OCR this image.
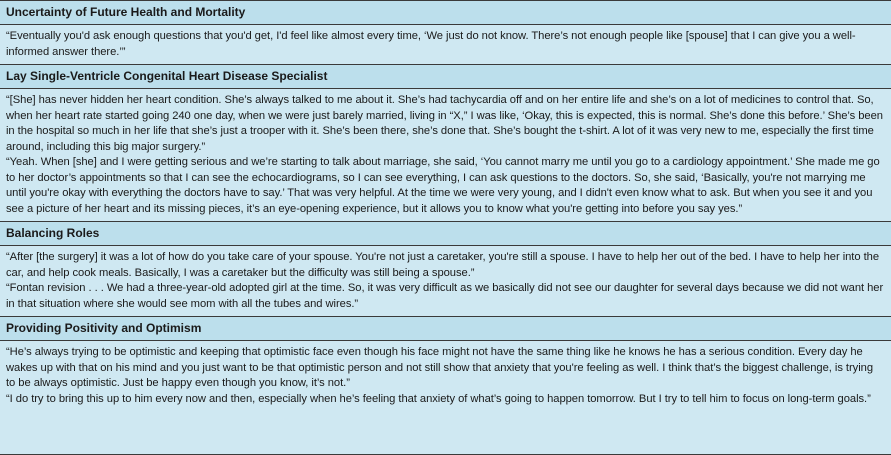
Uncertainty of Future Health and Mortality

“Eventually you'd ask enough questions that you'd get, I'd feel like almost every time, ‘We just do not know. There’s not enough people like [spouse] that I can give you a well-informed answer there.’”

Lay Single-Ventricle Congenital Heart Disease Specialist

“[She] has never hidden her heart condition. She’s always talked to me about it. She’s had tachycardia off and on her entire life and she’s on a lot of medicines to control that. So, when her heart rate started going 240 one day, when we were just barely married, living in “X,” I was like, ‘Okay, this is expected, this is normal. She’s done this before.’ She’s been in the hospital so much in her life that she’s just a trooper with it. She’s been there, she’s done that. She’s bought the t-shirt. A lot of it was very new to me, especially the first time around, including this big major surgery.”

“Yeah. When [she] and I were getting serious and we’re starting to talk about marriage, she said, ‘You cannot marry me until you go to a cardiology appointment.’ She made me go to her doctor’s appointments so that I can see the echocardiograms, so I can see everything, I can ask questions to the doctors. So, she said, ‘Basically, you're not marrying me until you're okay with everything the doctors have to say.’ That was very helpful. At the time we were very young, and I didn't even know what to ask. But when you see it and you see a picture of her heart and its missing pieces, it’s an eye-opening experience, but it allows you to know what you're getting into before you say yes.”

Balancing Roles

“After [the surgery] it was a lot of how do you take care of your spouse. You're not just a caretaker, you're still a spouse. I have to help her out of the bed. I have to help her into the car, and help cook meals. Basically, I was a caretaker but the difficulty was still being a spouse.”

“Fontan revision . . . We had a three-year-old adopted girl at the time. So, it was very difficult as we basically did not see our daughter for several days because we did not want her in that situation where she would see mom with all the tubes and wires.”

Providing Positivity and Optimism

“He’s always trying to be optimistic and keeping that optimistic face even though his face might not have the same thing like he knows he has a serious condition. Every day he wakes up with that on his mind and you just want to be that optimistic person and not still show that anxiety that you're feeling as well. I think that’s the biggest challenge, is trying to be always optimistic. Just be happy even though you know, it’s not.”

“I do try to bring this up to him every now and then, especially when he’s feeling that anxiety of what’s going to happen tomorrow. But I try to tell him to focus on long-term goals.”
